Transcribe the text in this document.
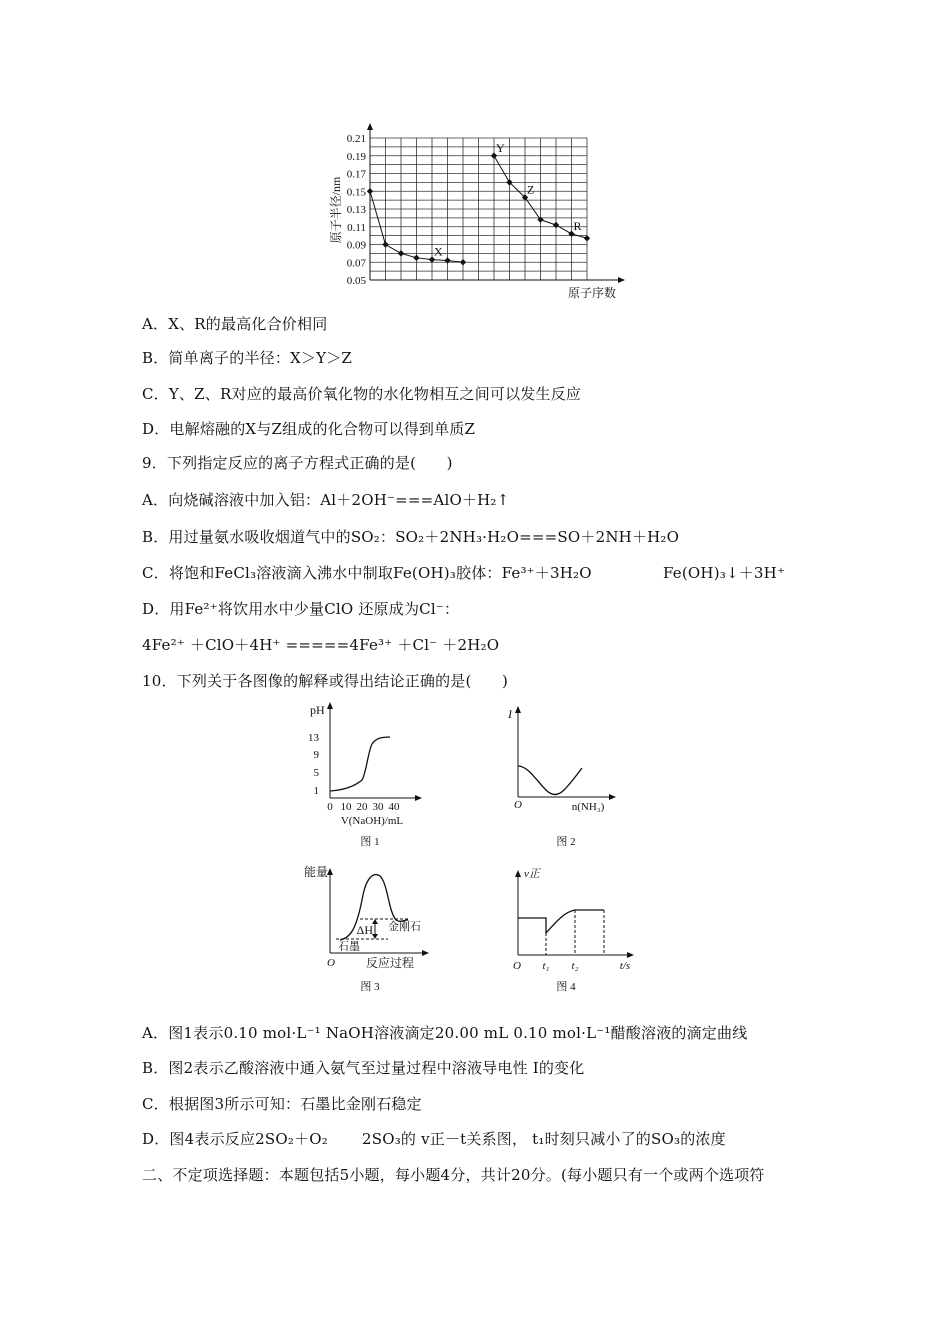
0.21
0.19
0.17
0.15
0.13
0.11
0.09
0.07
0.05
X
Y
Z
R
原子半径/nm
原子序数
A．X、R的最高化合价相同
B．简单离子的半径：X＞Y＞Z
C．Y、Z、R对应的最高价氧化物的水化物相互之间可以发生反应
D．电解熔融的X与Z组成的化合物可以得到单质Z
9．下列指定反应的离子方程式正确的是(　　)
A．向烧碱溶液中加入铝：Al＋2OH⁻===AlO＋H₂↑
B．用过量氨水吸收烟道气中的SO₂：SO₂＋2NH₃·H₂O===SO＋2NH＋H₂O
C．将饱和FeCl₃溶液滴入沸水中制取Fe(OH)₃胶体：Fe³⁺＋3H₂O	Fe(OH)₃↓＋3H⁺
D．用Fe²⁺将饮用水中少量ClO 还原成为Cl⁻：
4Fe²⁺ ＋ClO＋4H⁺ =====4Fe³⁺ ＋Cl⁻ ＋2H₂O
10．下列关于各图像的解释或得出结论正确的是(　　)
pH
13
9
5
1
0 10 20 30 40
V(NaOH)/mL
图 1
I
O	n(NH₃)
图 2
能量
ΔH 金刚石
石墨
O	反应过程
图 3
v正
O t₁ t₂	t/s
图 4
A．图1表示0.10 mol·L⁻¹ NaOH溶液滴定20.00 mL 0.10 mol·L⁻¹醋酸溶液的滴定曲线
B．图2表示乙酸溶液中通入氨气至过量过程中溶液导电性 I的变化
C．根据图3所示可知：石墨比金刚石稳定
D．图4表示反应2SO₂＋O₂ 2SO₃的 v正－t关系图， t₁时刻只减小了的SO₃的浓度
二、不定项选择题：本题包括5小题，每小题4分，共计20分。(每小题只有一个或两个选项符
